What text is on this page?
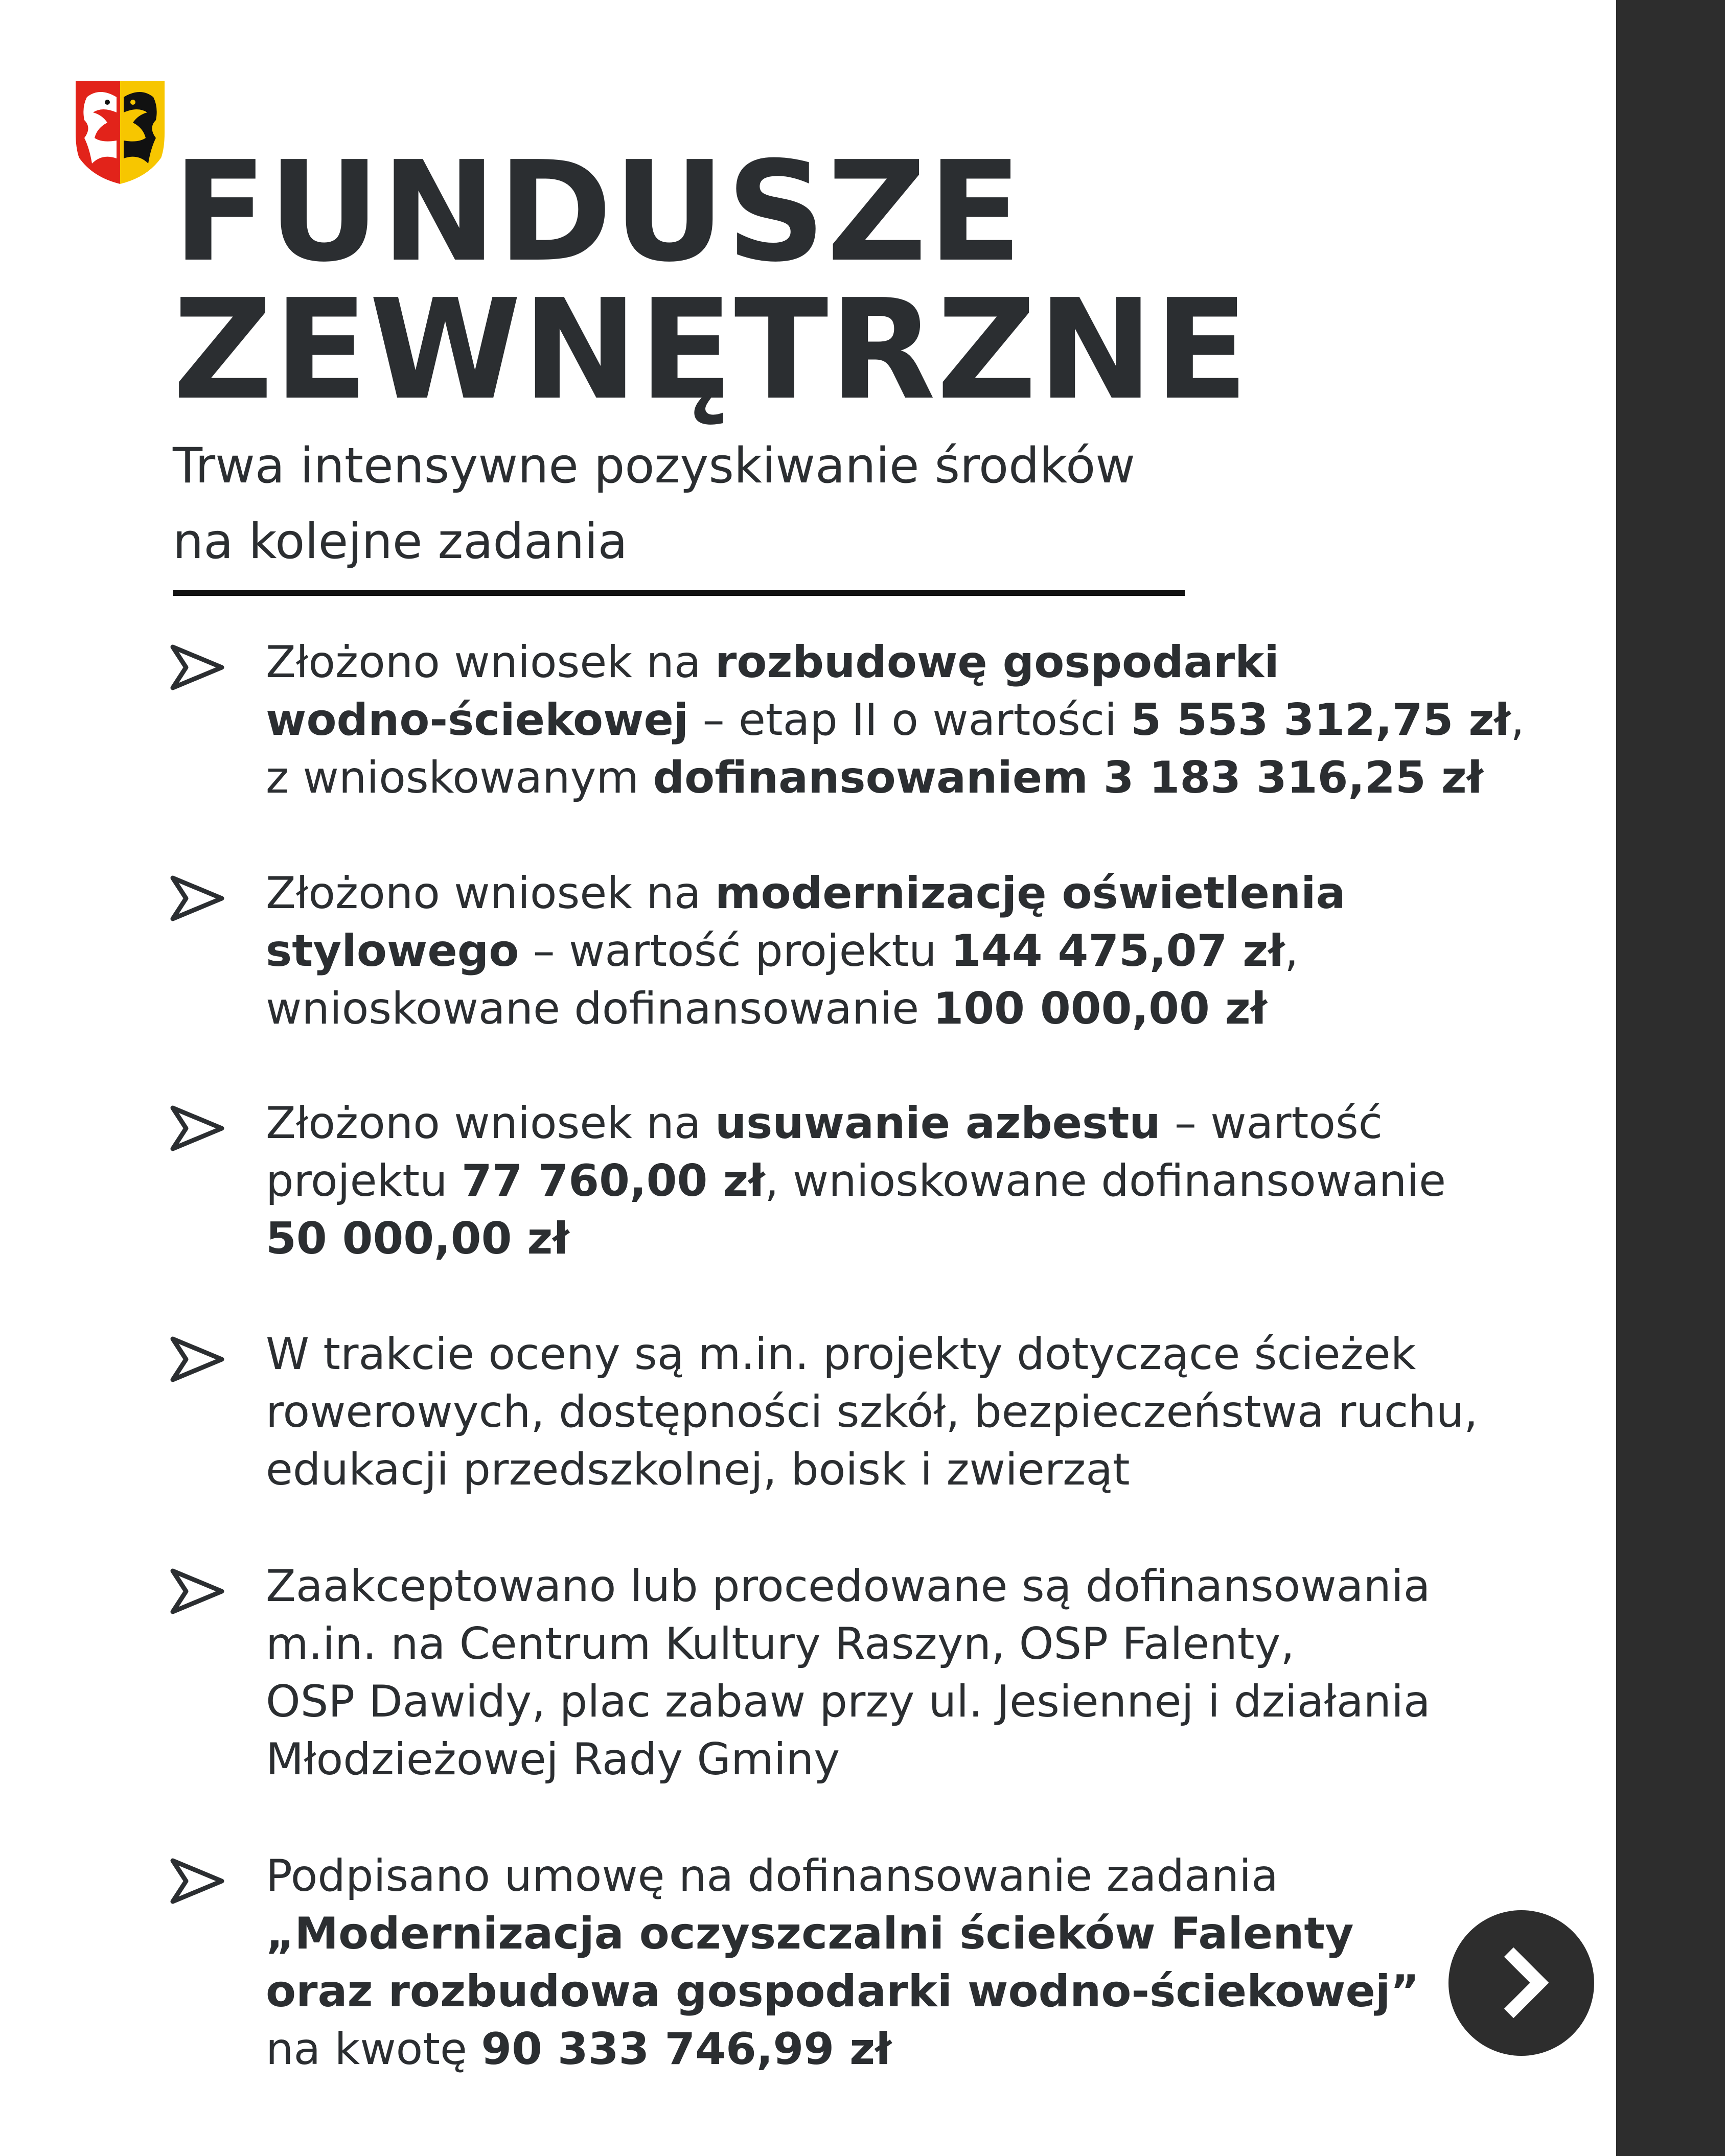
FUNDUSZE
ZEWNĘTRZNE

Trwa intensywne pozyskiwanie środków
na kolejne zadania

Złożono wniosek na rozbudowę gospodarki
wodno-ściekowej – etap II o wartości 5 553 312,75 zł,
z wnioskowanym dofinansowaniem 3 183 316,25 zł

Złożono wniosek na modernizację oświetlenia
stylowego – wartość projektu 144 475,07 zł,
wnioskowane dofinansowanie 100 000,00 zł

Złożono wniosek na usuwanie azbestu – wartość
projektu 77 760,00 zł, wnioskowane dofinansowanie
50 000,00 zł

W trakcie oceny są m.in. projekty dotyczące ścieżek
rowerowych, dostępności szkół, bezpieczeństwa ruchu,
edukacji przedszkolnej, boisk i zwierząt

Zaakceptowano lub procedowane są dofinansowania
m.in. na Centrum Kultury Raszyn, OSP Falenty,
OSP Dawidy, plac zabaw przy ul. Jesiennej i działania
Młodzieżowej Rady Gminy

Podpisano umowę na dofinansowanie zadania
„Modernizacja oczyszczalni ścieków Falenty
oraz rozbudowa gospodarki wodno-ściekowej”
na kwotę 90 333 746,99 zł
